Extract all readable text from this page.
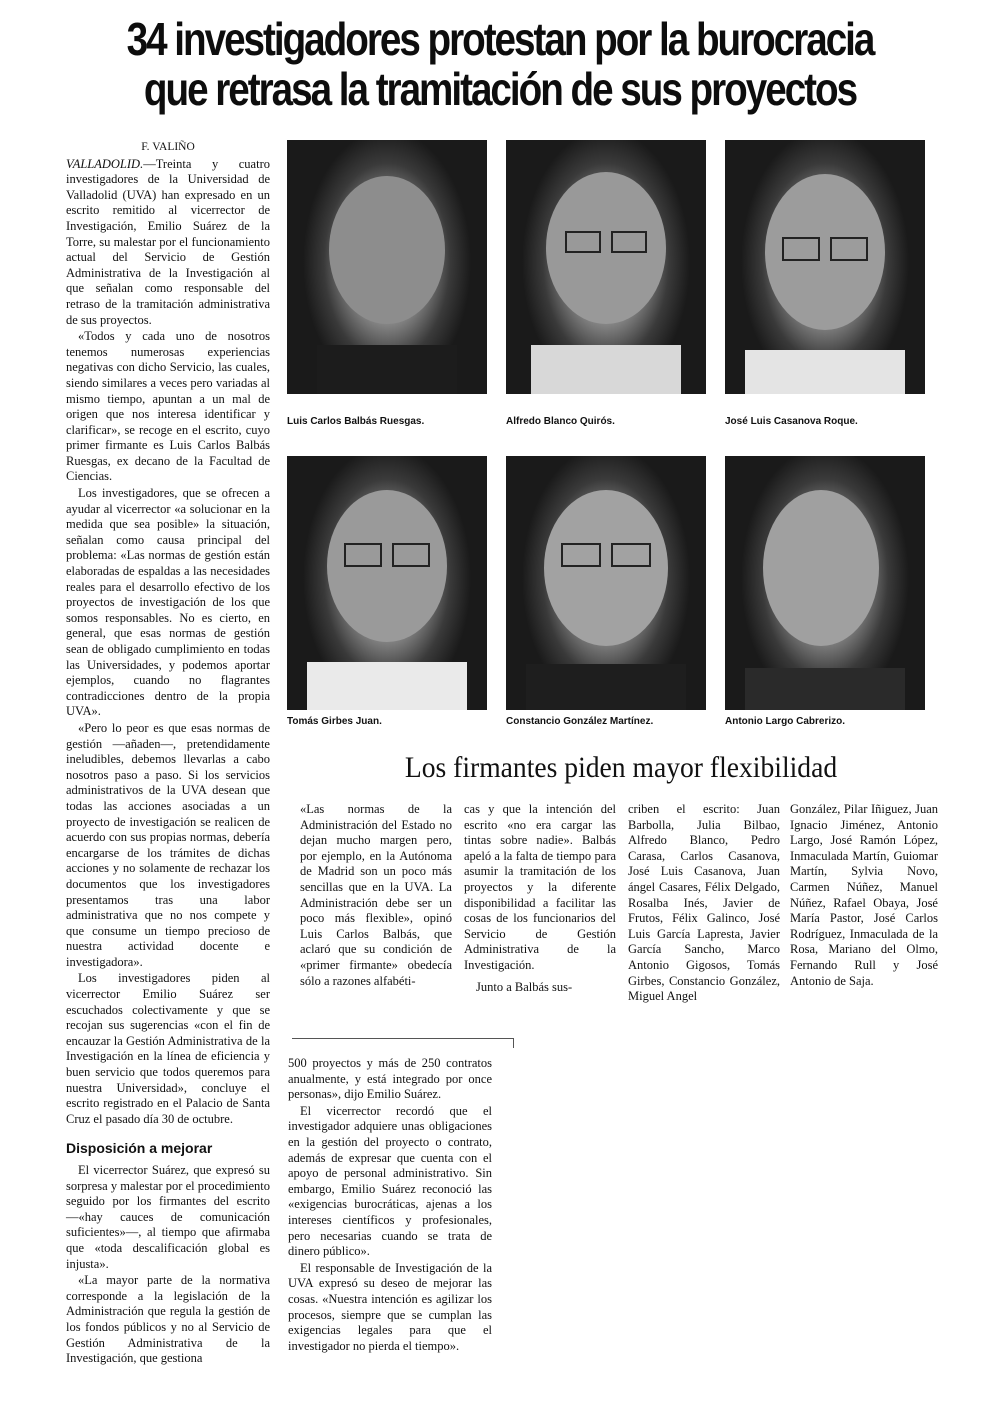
34 investigadores protestan por la burocracia
que retrasa la tramitación de sus proyectos
F. VALIÑO

VALLADOLID.—Treinta y cuatro investigadores de la Universidad de Valladolid (UVA) han expresado en un escrito remitido al vicerrector de Investigación, Emilio Suárez de la Torre, su malestar por el funcionamiento actual del Servicio de Gestión Administrativa de la Investigación al que señalan como responsable del retraso de la tramitación administrativa de sus proyectos.

«Todos y cada uno de nosotros tenemos numerosas experiencias negativas con dicho Servicio, las cuales, siendo similares a veces pero variadas al mismo tiempo, apuntan a un mal de origen que nos interesa identificar y clarificar», se recoge en el escrito, cuyo primer firmante es Luis Carlos Balbás Ruesgas, ex decano de la Facultad de Ciencias.

Los investigadores, que se ofrecen a ayudar al vicerrector «a solucionar en la medida que sea posible» la situación, señalan como causa principal del problema: «Las normas de gestión están elaboradas de espaldas a las necesidades reales para el desarrollo efectivo de los proyectos de investigación de los que somos responsables. No es cierto, en general, que esas normas de gestión sean de obligado cumplimiento en todas las Universidades, y podemos aportar ejemplos, cuando no flagrantes contradicciones dentro de la propia UVA».

«Pero lo peor es que esas normas de gestión —añaden—, pretendidamente ineludibles, debemos llevarlas a cabo nosotros paso a paso. Si los servicios administrativos de la UVA desean que todas las acciones asociadas a un proyecto de investigación se realicen de acuerdo con sus propias normas, debería encargarse de los trámites de dichas acciones y no solamente de rechazar los documentos que los investigadores presentamos tras una labor administrativa que no nos compete y que consume un tiempo precioso de nuestra actividad docente e investigadora».

Los investigadores piden al vicerrector Emilio Suárez ser escuchados colectivamente y que se recojan sus sugerencias «con el fin de encauzar la Gestión Administrativa de la Investigación en la línea de eficiencia y buen servicio que todos queremos para nuestra Universidad», concluye el escrito registrado en el Palacio de Santa Cruz el pasado día 30 de octubre.

Disposición a mejorar

El vicerrector Suárez, que expresó su sorpresa y malestar por el procedimiento seguido por los firmantes del escrito —«hay cauces de comunicación suficientes»—, al tiempo que afirmaba que «toda descalificación global es injusta».

«La mayor parte de la normativa corresponde a la legislación de la Administración que regula la gestión de los fondos públicos y no al Servicio de Gestión Administrativa de la Investigación, que gestiona

Luis Carlos Balbás Ruesgas.	Alfredo Blanco Quirós.	José Luis Casanova Roque.
Tomás Girbes Juan.	Constancio González Martínez.	Antonio Largo Cabrerizo.
Los firmantes piden mayor flexibilidad
«Las normas de la Administración del Estado no dejan mucho margen pero, por ejemplo, en la Autónoma de Madrid son un poco más sencillas que en la UVA. La Administración debe ser un poco más flexible», opinó Luis Carlos Balbás, que aclaró que su condición de «primer firmante» obedecía sólo a razones alfabéti-
cas y que la intención del escrito «no era cargar las tintas sobre nadie». Balbás apeló a la falta de tiempo para asumir la tramitación de los proyectos y la diferente disponibilidad a facilitar las cosas de los funcionarios del Servicio de Gestión Administrativa de la Investigación.

Junto a Balbás sus-

criben el escrito: Juan Barbolla, Julia Bilbao, Alfredo Blanco, Pedro Carasa, Carlos Casanova, José Luis Casanova, Juan ángel Casares, Félix Delgado, Rosalba Inés, Javier de Frutos, Félix Galinco, José Luis García Lapresta, Javier García Sancho, Marco Antonio Gigosos, Tomás Girbes, Constancio González, Miguel Angel
González, Pilar Iñiguez, Juan Ignacio Jiménez, Antonio Largo, José Ramón López, Inmaculada Martín, Guiomar Martín, Sylvia Novo, Carmen Núñez, Manuel Núñez, Rafael Obaya, José María Pastor, José Carlos Rodríguez, Inmaculada de la Rosa, Mariano del Olmo, Fernando Rull y José Antonio de Saja.

500 proyectos y más de 250 contratos anualmente, y está integrado por once personas», dijo Emilio Suárez.

El vicerrector recordó que el investigador adquiere unas obligaciones en la gestión del proyecto o contrato, además de expresar que cuenta con el apoyo de personal administrativo. Sin embargo, Emilio Suárez reconoció las «exigencias burocráticas, ajenas a los intereses científicos y profesionales, pero necesarias cuando se trata de dinero público».

El responsable de Investigación de la UVA expresó su deseo de mejorar las cosas. «Nuestra intención es agilizar los procesos, siempre que se cumplan las exigencias legales para que el investigador no pierda el tiempo».
